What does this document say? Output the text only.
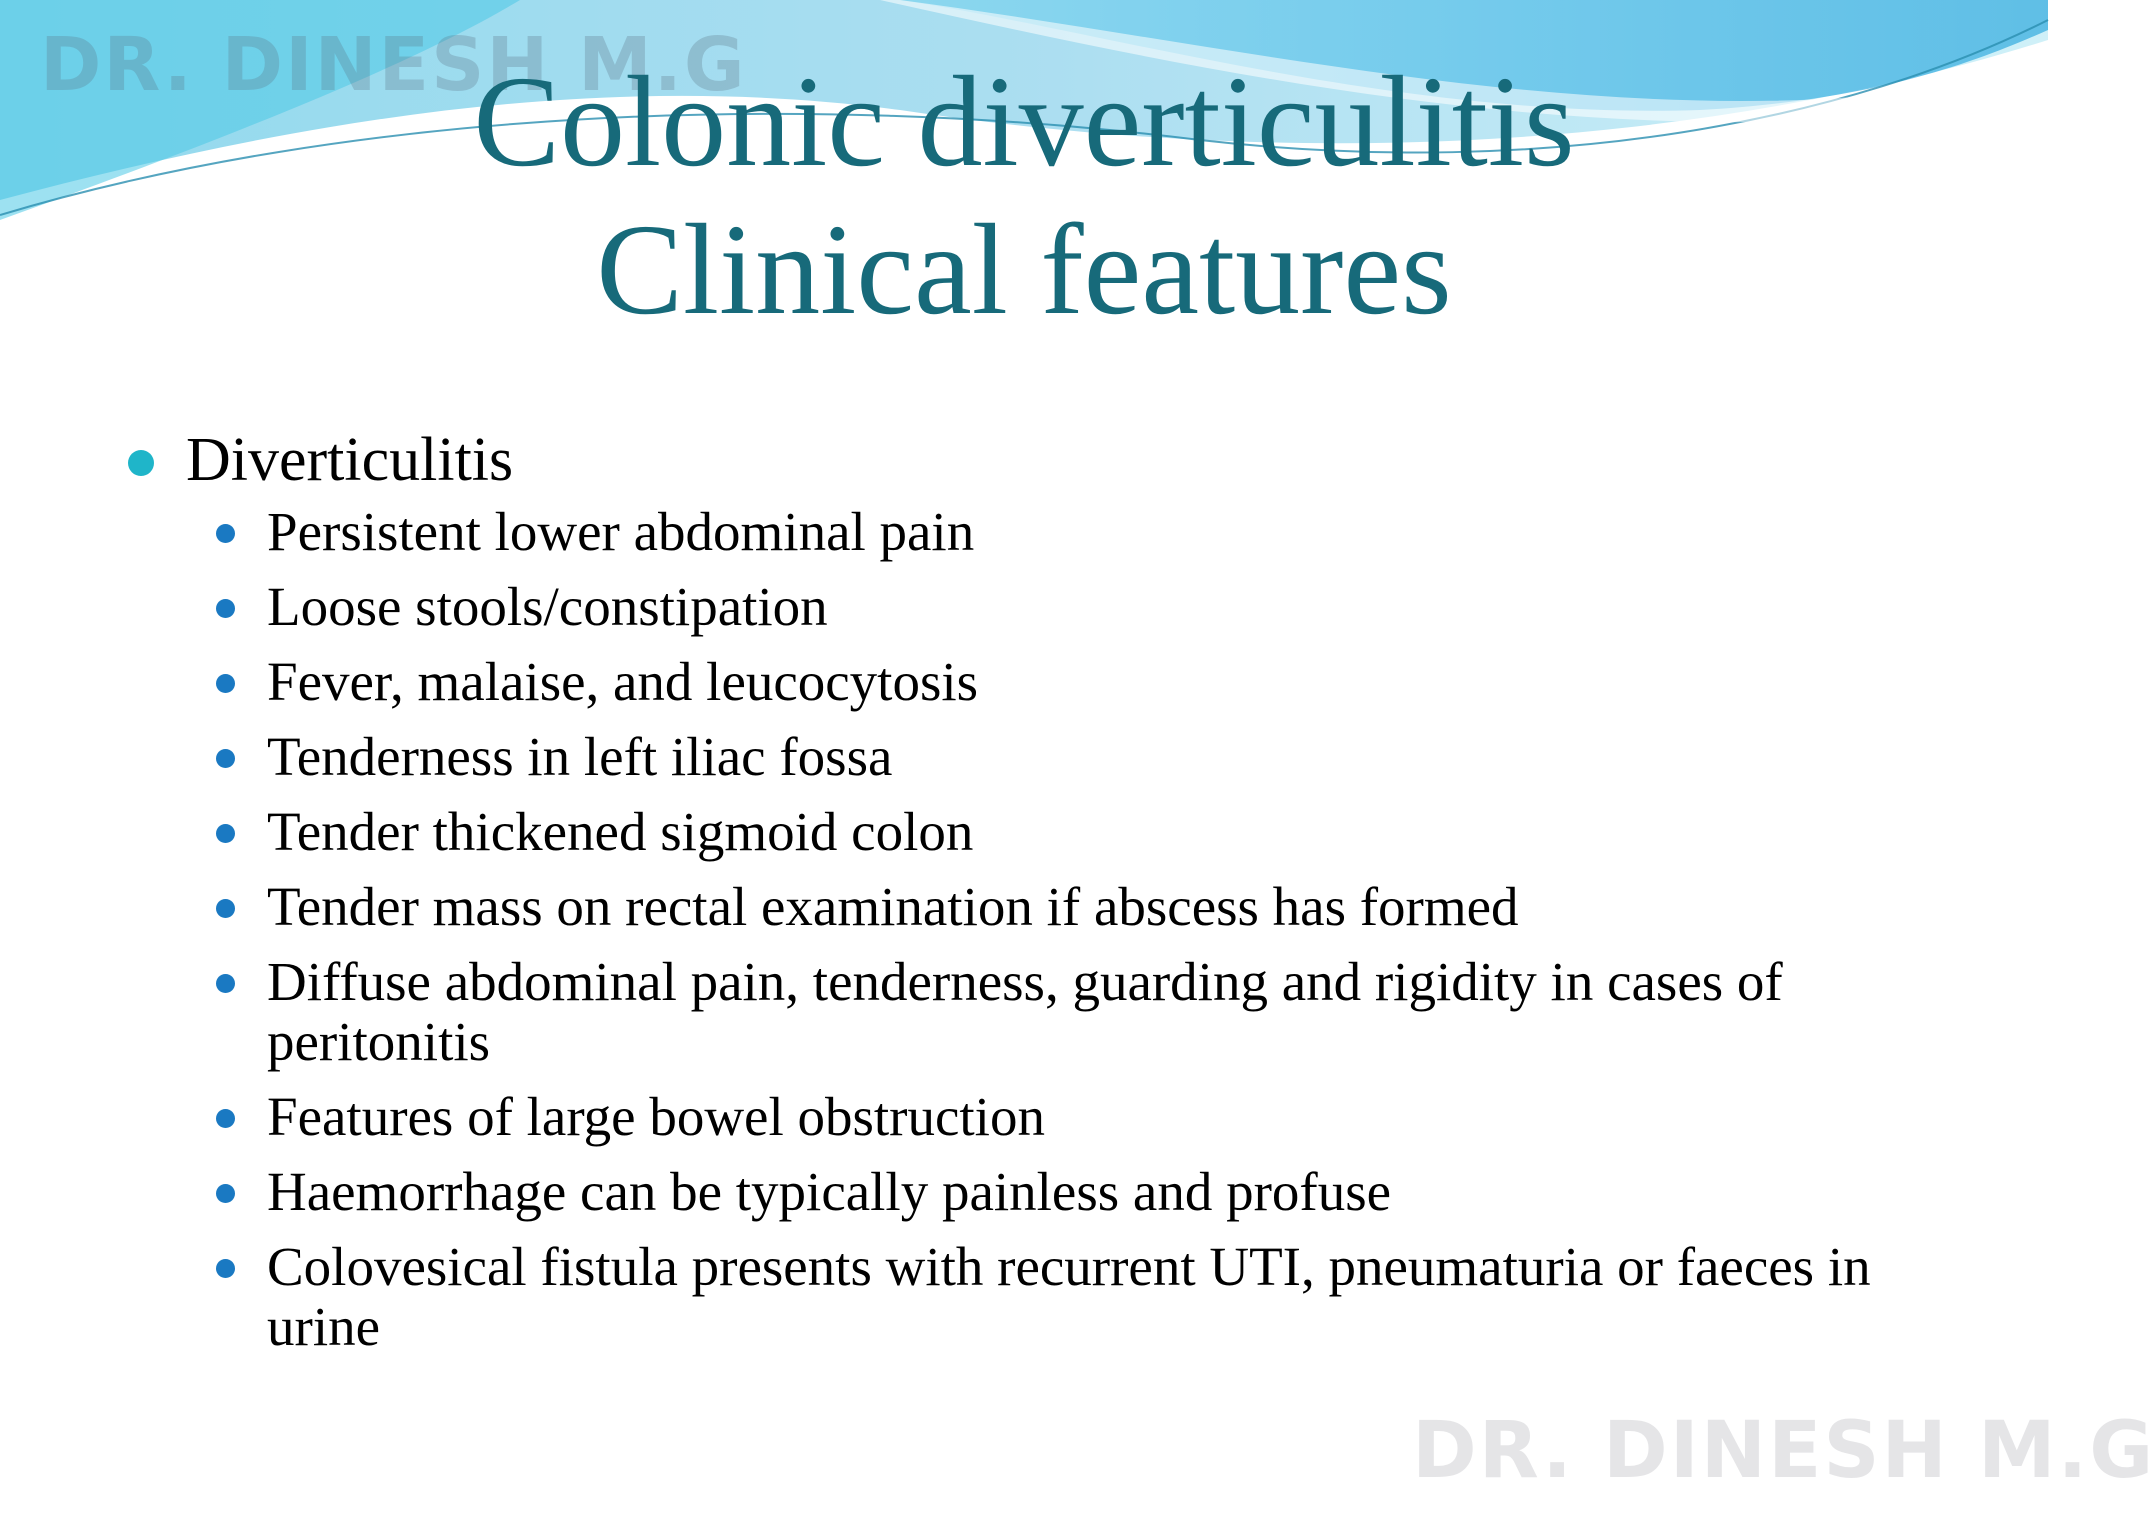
DR. DINESH M.G
Colonic diverticulitis
Clinical features
Diverticulitis
Persistent lower abdominal pain
Loose stools/constipation
Fever, malaise, and leucocytosis
Tenderness in left iliac fossa
Tender thickened sigmoid colon
Tender mass on rectal examination if abscess has formed
Diffuse abdominal pain, tenderness, guarding and rigidity in cases of peritonitis
Features of large bowel obstruction
Haemorrhage can be typically painless and profuse
Colovesical fistula presents with recurrent UTI, pneumaturia or faeces in urine
DR. DINESH M.G
